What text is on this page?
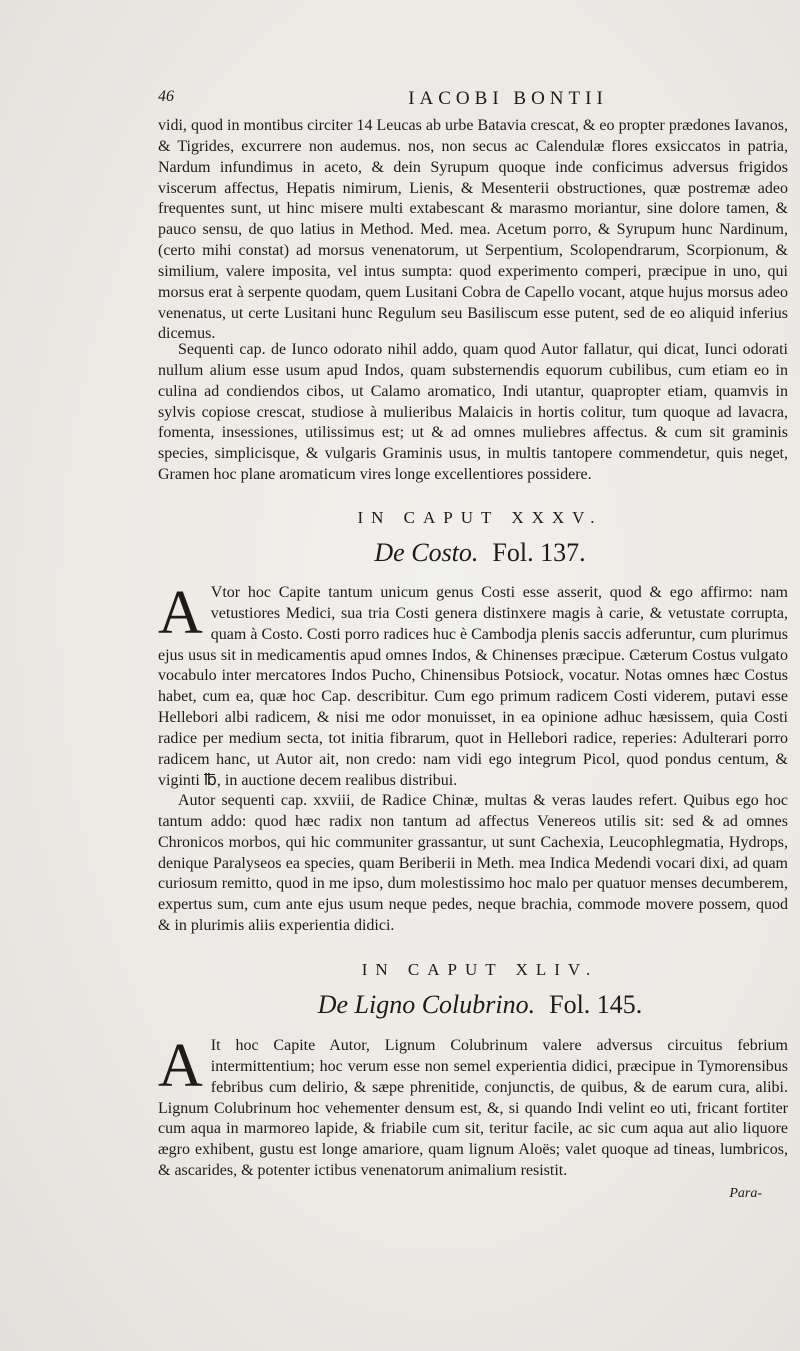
46	IACOBI BONTII

vidi, quod in montibus circiter 14 Leucas ab urbe Batavia crescat, & eo propter prædones Iavanos, & Tigrides, excurrere non audemus. nos, non secus ac Calendulæ flores exsiccatos in patria, Nardum infundimus in aceto, & dein Syrupum quoque inde conficimus adversus frigidos viscerum affectus, Hepatis nimirum, Lienis, & Mesenterii obstructiones, quæ postremæ adeo frequentes sunt, ut hinc misere multi extabescant & marasmo moriantur, sine dolore tamen, & pauco sensu, de quo latius in Method. Med. mea. Acetum porro, & Syrupum hunc Nardinum, (certo mihi constat) ad morsus venenatorum, ut Serpentium, Scolopendrarum, Scorpionum, & similium, valere imposita, vel intus sumpta: quod experimento comperi, præcipue in uno, qui morsus erat à serpente quodam, quem Lusitani Cobra de Capello vocant, atque hujus morsus adeo venenatus, ut certe Lusitani hunc Regulum seu Basiliscum esse putent, sed de eo aliquid inferius dicemus.

Sequenti cap. de Iunco odorato nihil addo, quam quod Autor fallatur, qui dicat, Iunci odorati nullum alium esse usum apud Indos, quam substernendis equorum cubilibus, cum etiam eo in culina ad condiendos cibos, ut Calamo aromatico, Indi utantur, quapropter etiam, quamvis in sylvis copiose crescat, studiose à mulieribus Malaicis in hortis colitur, tum quoque ad lavacra, fomenta, insessiones, utilissimus est; ut & ad omnes muliebres affectus. & cum sit graminis species, simplicisque, & vulgaris Graminis usus, in multis tantopere commendetur, quis neget, Gramen hoc plane aromaticum vires longe excellentiores possidere.

IN CAPUT XXXV.
De Costo. Fol. 137.
A Vtor hoc Capite tantum unicum genus Costi esse asserit, quod & ego affirmo: nam vetustiores Medici, sua tria Costi genera distinxere magis à carie, & vetustate corrupta, quam à Costo. Costi porro radices huc è Cambodja plenis saccis adferuntur, cum plurimus ejus usus sit in medicamentis apud omnes Indos, & Chinenses præcipue. Cæterum Costus vulgato vocabulo inter mercatores Indos Pucho, Chinensibus Potsiock, vocatur. Notas omnes hæc Costus habet, cum ea, quæ hoc Cap. describitur. Cum ego primum radicem Costi viderem, putavi esse Hellebori albi radicem, & nisi me odor monuisset, in ea opinione adhuc hæsissem, quia Costi radice per medium secta, tot initia fibrarum, quot in Hellebori radice, reperies: Adulterari porro radicem hanc, ut Autor ait, non credo: nam vidi ego integrum Picol, quod pondus centum, & viginti ℔, in auctione decem realibus distribui.

Autor sequenti cap. xxviii, de Radice Chinæ, multas & veras laudes refert. Quibus ego hoc tantum addo: quod hæc radix non tantum ad affectus Venereos utilis sit: sed & ad omnes Chronicos morbos, qui hic communiter grassantur, ut sunt Cachexia, Leucophlegmatia, Hydrops, denique Paralyseos ea species, quam Beriberii in Meth. mea Indica Medendi vocari dixi, ad quam curiosum remitto, quod in me ipso, dum molestissimo hoc malo per quatuor menses decumberem, expertus sum, cum ante ejus usum neque pedes, neque brachia, commode movere possem, quod & in plurimis aliis experientia didici.

IN CAPUT XLIV.
De Ligno Colubrino. Fol. 145.
A It hoc Capite Autor, Lignum Colubrinum valere adversus circuitus febrium intermittentium; hoc verum esse non semel experientia didici, præcipue in Tymorensibus febribus cum delirio, & sæpe phrenitide, conjunctis, de quibus, & de earum cura, alibi. Lignum Colubrinum hoc vehementer densum est, &, si quando Indi velint eo uti, fricant fortiter cum aqua in marmoreo lapide, & friabile cum sit, teritur facile, ac sic cum aqua aut alio liquore ægro exhibent, gustu est longe amariore, quam lignum Aloës; valet quoque ad tineas, lumbricos, & ascarides, & potenter ictibus venenatorum animalium resistit.
Para-
